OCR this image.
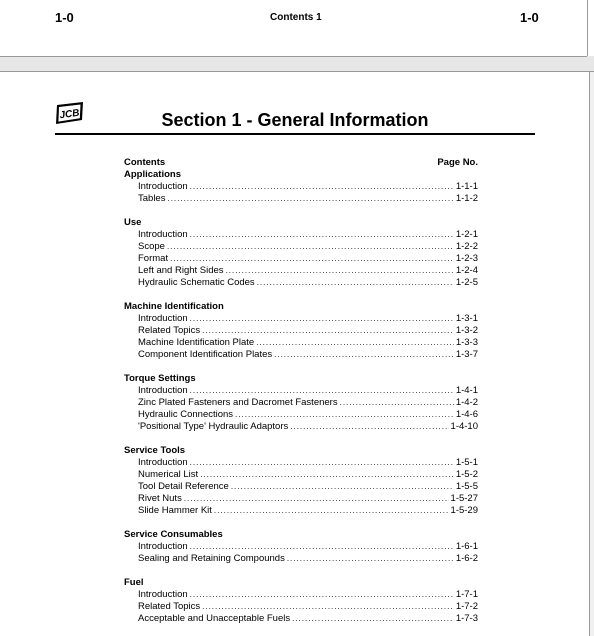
1-0	Contents 1	1-0
JCB	Section 1 - General Information
Contents	Page No.
Applications
Introduction .....	1-1-1
Tables .....	1-1-2
Use
Introduction .....	1-2-1
Scope .....	1-2-2
Format .....	1-2-3
Left and Right Sides .....	1-2-4
Hydraulic Schematic Codes .....	1-2-5
Machine Identification
Introduction .....	1-3-1
Related Topics .....	1-3-2
Machine Identification Plate .....	1-3-3
Component Identification Plates .....	1-3-7
Torque Settings
Introduction .....	1-4-1
Zinc Plated Fasteners and Dacromet Fasteners .....	1-4-2
Hydraulic Connections .....	1-4-6
'Positional Type' Hydraulic Adaptors .....	1-4-10
Service Tools
Introduction .....	1-5-1
Numerical List .....	1-5-2
Tool Detail Reference .....	1-5-5
Rivet Nuts .....	1-5-27
Slide Hammer Kit .....	1-5-29
Service Consumables
Introduction .....	1-6-1
Sealing and Retaining Compounds .....	1-6-2
Fuel
Introduction .....	1-7-1
Related Topics .....	1-7-2
Acceptable and Unacceptable Fuels .....	1-7-3
